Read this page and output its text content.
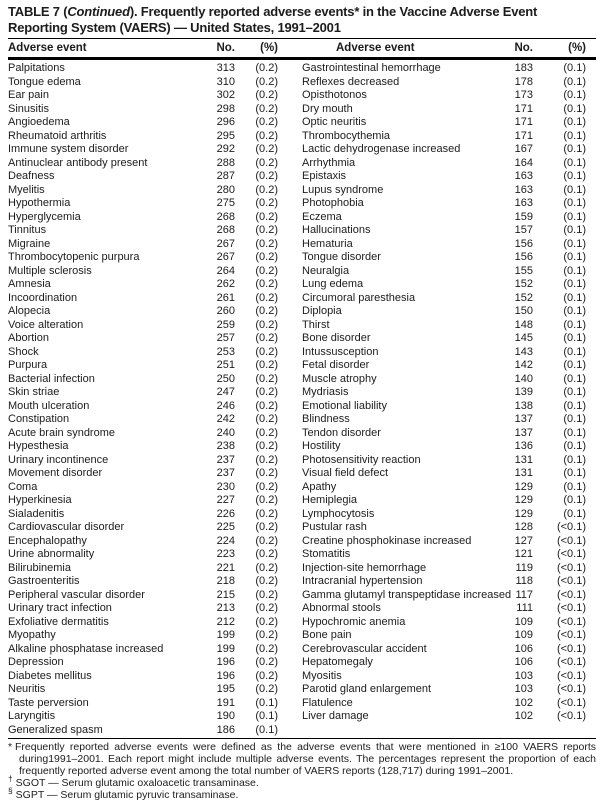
TABLE 7 (Continued). Frequently reported adverse events* in the Vaccine Adverse Event Reporting System (VAERS) — United States, 1991–2001
Adverse event	No.	(%)	Adverse event	No.	(%)
Palpitations	313	(0.2) Gastrointestinal hemorrhage	183	(0.1)
Tongue edema	310	(0.2) Reflexes decreased	178	(0.1)
Ear pain	302	(0.2) Opisthotonos	173	(0.1)
Sinusitis	298	(0.2) Dry mouth	171	(0.1)
Angioedema	296	(0.2) Optic neuritis	171	(0.1)
Rheumatoid arthritis	295	(0.2) Thrombocythemia	171	(0.1)
Immune system disorder	292	(0.2) Lactic dehydrogenase increased	167	(0.1)
Antinuclear antibody present	288	(0.2) Arrhythmia	164	(0.1)
Deafness	287	(0.2) Epistaxis	163	(0.1)
Myelitis	280	(0.2) Lupus syndrome	163	(0.1)
Hypothermia	275	(0.2) Photophobia	163	(0.1)
Hyperglycemia	268	(0.2) Eczema	159	(0.1)
Tinnitus	268	(0.2) Hallucinations	157	(0.1)
Migraine	267	(0.2) Hematuria	156	(0.1)
Thrombocytopenic purpura	267	(0.2) Tongue disorder	156	(0.1)
Multiple sclerosis	264	(0.2) Neuralgia	155	(0.1)
Amnesia	262	(0.2) Lung edema	152	(0.1)
Incoordination	261	(0.2) Circumoral paresthesia	152	(0.1)
Alopecia	260	(0.2) Diplopia	150	(0.1)
Voice alteration	259	(0.2) Thirst	148	(0.1)
Abortion	257	(0.2) Bone disorder	145	(0.1)
Shock	253	(0.2) Intussusception	143	(0.1)
Purpura	251	(0.2) Fetal disorder	142	(0.1)
Bacterial infection	250	(0.2) Muscle atrophy	140	(0.1)
Skin striae	247	(0.2) Mydriasis	139	(0.1)
Mouth ulceration	246	(0.2) Emotional liability	138	(0.1)
Constipation	242	(0.2) Blindness	137	(0.1)
Acute brain syndrome	240	(0.2) Tendon disorder	137	(0.1)
Hypesthesia	238	(0.2) Hostility	136	(0.1)
Urinary incontinence	237	(0.2) Photosensitivity reaction	131	(0.1)
Movement disorder	237	(0.2) Visual field defect	131	(0.1)
Coma	230	(0.2) Apathy	129	(0.1)
Hyperkinesia	227	(0.2) Hemiplegia	129	(0.1)
Sialadenitis	226	(0.2) Lymphocytosis	129	(0.1)
Cardiovascular disorder	225	(0.2) Pustular rash	128	(<0.1)
Encephalopathy	224	(0.2) Creatine phosphokinase increased	127	(<0.1)
Urine abnormality	223	(0.2) Stomatitis	121	(<0.1)
Bilirubinemia	221	(0.2) Injection-site hemorrhage	119	(<0.1)
Gastroenteritis	218	(0.2) Intracranial hypertension	118	(<0.1)
Peripheral vascular disorder	215	(0.2) Gamma glutamyl transpeptidase increased 117	(<0.1)
Urinary tract infection	213	(0.2) Abnormal stools	111	(<0.1)
Exfoliative dermatitis	212	(0.2) Hypochromic anemia	109	(<0.1)
Myopathy	199	(0.2) Bone pain	109	(<0.1)
Alkaline phosphatase increased	199	(0.2) Cerebrovascular accident	106	(<0.1)
Depression	196	(0.2) Hepatomegaly	106	(<0.1)
Diabetes mellitus	196	(0.2) Myositis	103	(<0.1)
Neuritis	195	(0.2) Parotid gland enlargement	103	(<0.1)
Taste perversion	191	(0.1) Flatulence	102	(<0.1)
Laryngitis	190	(0.1) Liver damage	102	(<0.1)
Generalized spasm	186	(0.1)

* Frequently reported adverse events were defined as the adverse events that were mentioned in ≥100 VAERS reports during1991–2001. Each report might include multiple adverse events. The percentages represent the proportion of each frequently reported adverse event among the total number of VAERS reports (128,717) during 1991–2001.

† SGOT — Serum glutamic oxaloacetic transaminase.

§ SGPT — Serum glutamic pyruvic transaminase.
